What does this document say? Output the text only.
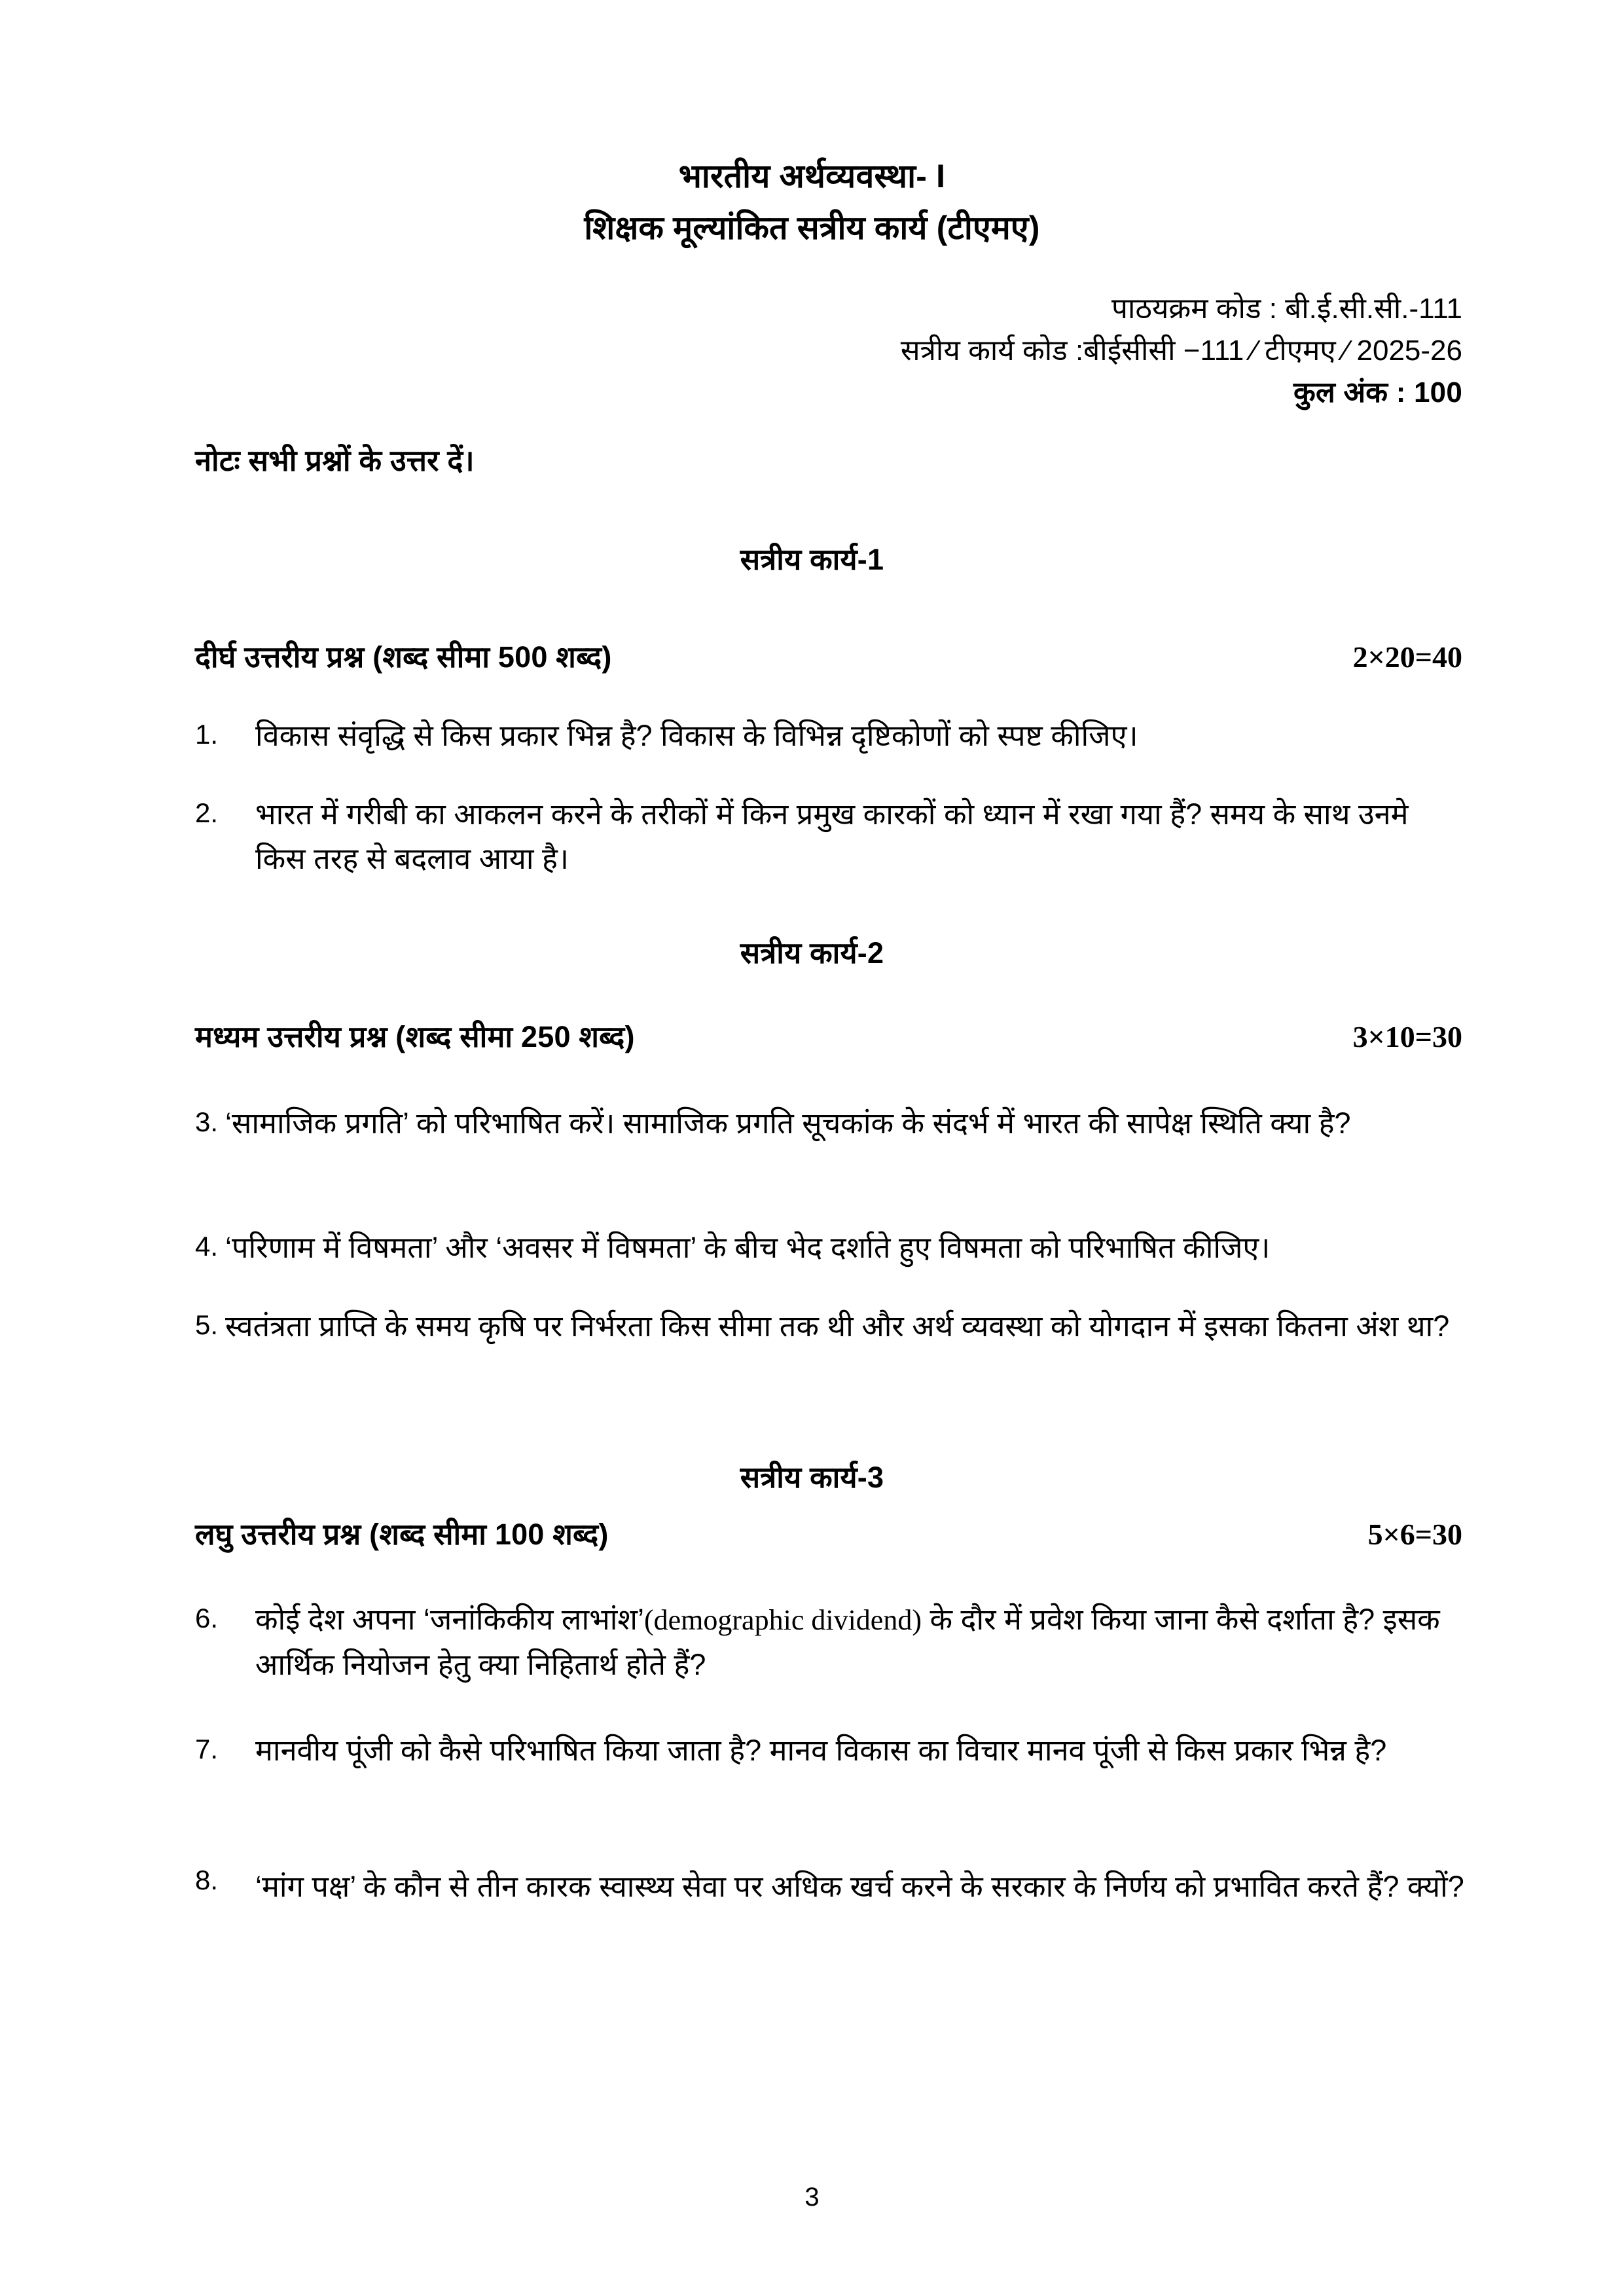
भारतीय अर्थव्यवस्था- I
शिक्षक मूल्यांकित सत्रीय कार्य (टीएमए)
पाठयक्रम कोड : बी.ई.सी.सी.-111
सत्रीय कार्य कोड :बीईसीसी −111 ⁄ टीएमए ⁄ 2025-26
कुल अंक : 100
नोटः सभी प्रश्नों के उत्तर दें।
सत्रीय कार्य-1
दीर्घ उत्तरीय प्रश्न (शब्द सीमा 500 शब्द)	2×20=40
1.	विकास संवृद्धि से किस प्रकार भिन्न है? विकास के विभिन्न दृष्टिकोणों को स्पष्ट कीजिए।
2.	भारत में गरीबी का आकलन करने के तरीकों में किन प्रमुख कारकों को ध्यान में रखा गया हैं? समय के साथ उनमे किस तरह से बदलाव आया है।
सत्रीय कार्य-2
मध्यम उत्तरीय प्रश्न (शब्द सीमा 250 शब्द)	3×10=30
3. ‘सामाजिक प्रगति’ को परिभाषित करें। सामाजिक प्रगति सूचकांक के संदर्भ में भारत की सापेक्ष स्थिति क्या है?
4. ‘परिणाम में विषमता’ और ‘अवसर में विषमता’ के बीच भेद दर्शाते हुए विषमता को परिभाषित कीजिए।
5. स्वतंत्रता प्राप्ति के समय कृषि पर निर्भरता किस सीमा तक थी और अर्थ व्यवस्था को योगदान में इसका कितना अंश था?
सत्रीय कार्य-3
लघु उत्तरीय प्रश्न (शब्द सीमा 100 शब्द)	5×6=30
6.	कोई देश अपना ‘जनांकिकीय लाभांश’(demographic dividend) के दौर में प्रवेश किया जाना कैसे दर्शाता है? इसक आर्थिक नियोजन हेतु क्या निहितार्थ होते हैं?
7.	मानवीय पूंजी को कैसे परिभाषित किया जाता है? मानव विकास का विचार मानव पूंजी से किस प्रकार भिन्न है?
8.	‘मांग पक्ष’ के कौन से तीन कारक स्वास्थ्य सेवा पर अधिक खर्च करने के सरकार के निर्णय को प्रभावित करते हैं? क्यों?
3
